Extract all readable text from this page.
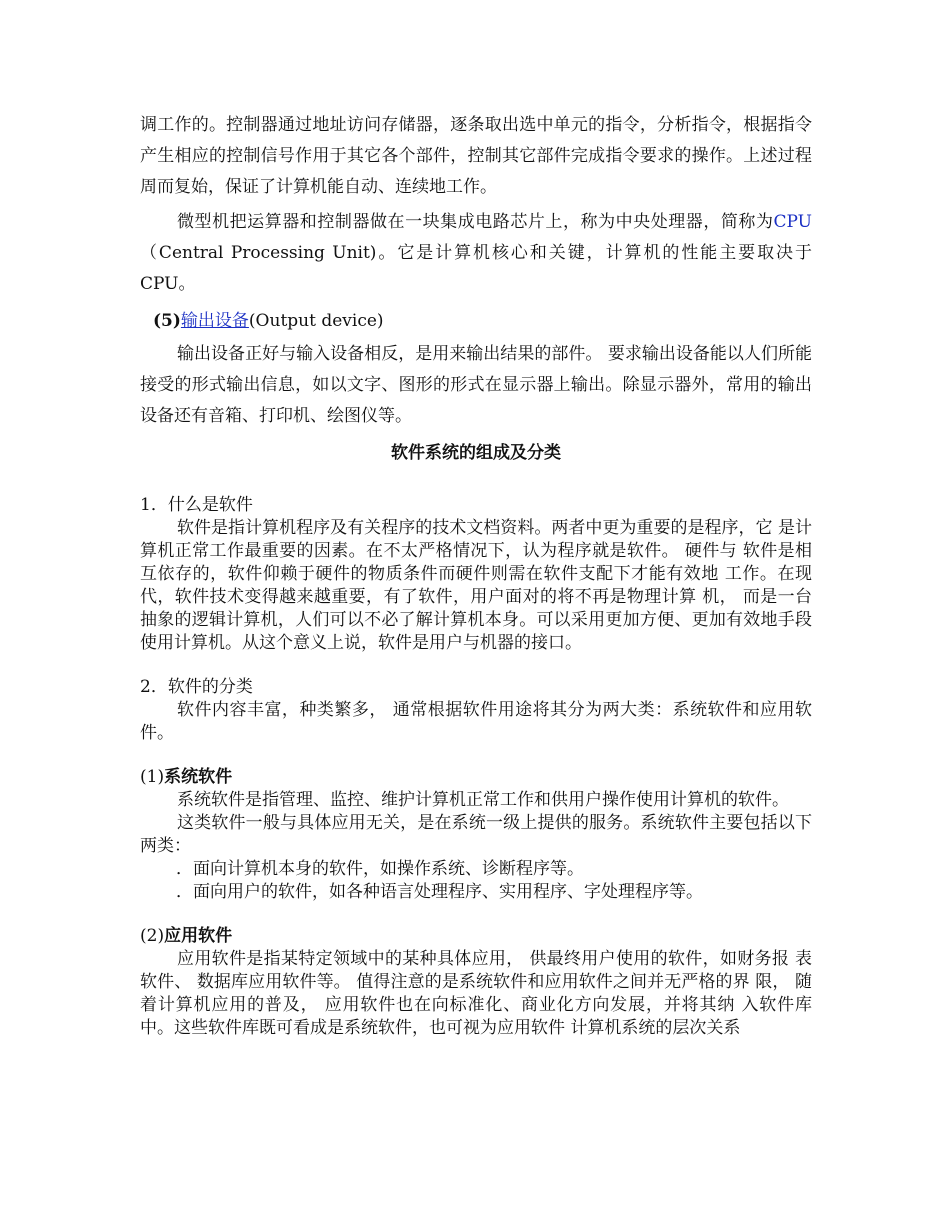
调工作的。控制器通过地址访问存储器，逐条取出选中单元的指令，分析指令，根据指令产生相应的控制信号作用于其它各个部件，控制其它部件完成指令要求的操作。上述过程周而复始，保证了计算机能自动、连续地工作。

微型机把运算器和控制器做在一块集成电路芯片上，称为中央处理器，简称为CPU（Central Processing Unit)。它是计算机核心和关键，计算机的性能主要取决于CPU。

(5)输出设备(Output device)

输出设备正好与输入设备相反，是用来输出结果的部件。 要求输出设备能以人们所能接受的形式输出信息，如以文字、图形的形式在显示器上输出。除显示器外，常用的输出设备还有音箱、打印机、绘图仪等。

软件系统的组成及分类

1．什么是软件

软件是指计算机程序及有关程序的技术文档资料。两者中更为重要的是程序，它 是计算机正常工作最重要的因素。在不太严格情况下，认为程序就是软件。 硬件与 软件是相互依存的，软件仰赖于硬件的物质条件而硬件则需在软件支配下才能有效地 工作。在现代，软件技术变得越来越重要，有了软件，用户面对的将不再是物理计算 机， 而是一台抽象的逻辑计算机，人们可以不必了解计算机本身。可以采用更加方便、更加有效地手段使用计算机。从这个意义上说，软件是用户与机器的接口。

2．软件的分类

软件内容丰富，种类繁多， 通常根据软件用途将其分为两大类：系统软件和应用软件。

(1)系统软件

系统软件是指管理、监控、维护计算机正常工作和供用户操作使用计算机的软件。

这类软件一般与具体应用无关，是在系统一级上提供的服务。系统软件主要包括以下两类：

．面向计算机本身的软件，如操作系统、诊断程序等。

．面向用户的软件，如各种语言处理程序、实用程序、字处理程序等。

(2)应用软件

应用软件是指某特定领域中的某种具体应用， 供最终用户使用的软件，如财务报 表软件、 数据库应用软件等。 值得注意的是系统软件和应用软件之间并无严格的界 限， 随着计算机应用的普及， 应用软件也在向标准化、商业化方向发展，并将其纳 入软件库中。这些软件库既可看成是系统软件，也可视为应用软件 计算机系统的层次关系
